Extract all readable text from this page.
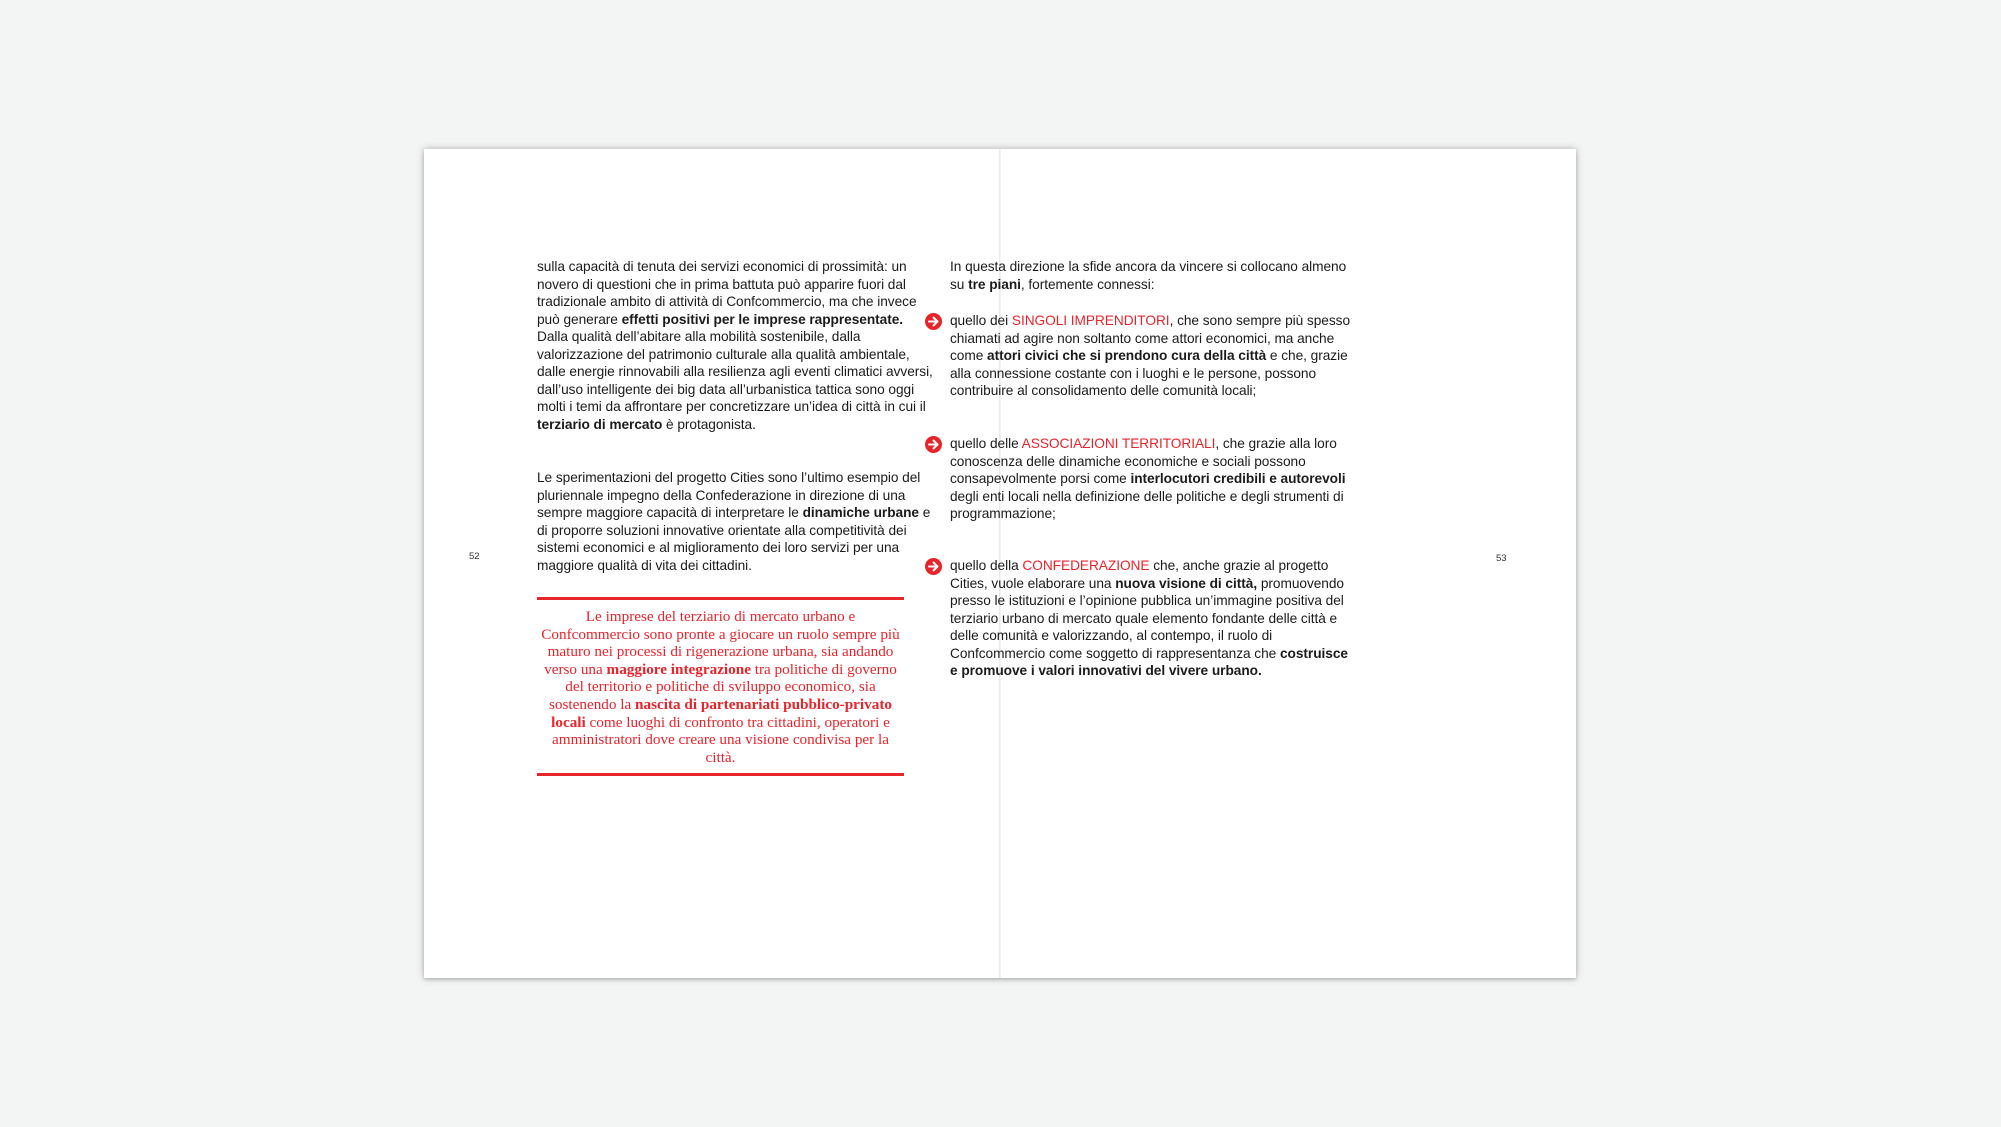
sulla capacità di tenuta dei servizi economici di prossimità: un novero di questioni che in prima battuta può apparire fuori dal tradizionale ambito di attività di Confcommercio, ma che invece può generare effetti positivi per le imprese rappresentate. Dalla qualità dell’abitare alla mobilità sostenibile, dalla valorizzazione del patrimonio culturale alla qualità ambientale, dalle energie rinnovabili alla resilienza agli eventi climatici avversi, dall’uso intelligente dei big data all’urbanistica tattica sono oggi molti i temi da affrontare per concretizzare un’idea di città in cui il terziario di mercato è protagonista.

Le sperimentazioni del progetto Cities sono l’ultimo esempio del pluriennale impegno della Confederazione in direzione di una sempre maggiore capacità di interpretare le dinamiche urbane e di proporre soluzioni innovative orientate alla competitività dei sistemi economici e al miglioramento dei loro servizi per una maggiore qualità di vita dei cittadini.

52
Le imprese del terziario di mercato urbano e Confcommercio sono pronte a giocare un ruolo sempre più maturo nei processi di rigenerazione urbana, sia andando verso una maggiore integrazione tra politiche di governo del territorio e politiche di sviluppo economico, sia sostenendo la nascita di partenariati pubblico-privato locali come luoghi di confronto tra cittadini, operatori e amministratori dove creare una visione condivisa per la città.

In questa direzione la sfide ancora da vincere si collocano almeno su tre piani, fortemente connessi:

quello dei SINGOLI IMPRENDITORI, che sono sempre più spesso chiamati ad agire non soltanto come attori economici, ma anche come attori civici che si prendono cura della città e che, grazie alla connessione costante con i luoghi e le persone, possono contribuire al consolidamento delle comunità locali;

quello delle ASSOCIAZIONI TERRITORIALI, che grazie alla loro conoscenza delle dinamiche economiche e sociali possono consapevolmente porsi come interlocutori credibili e autorevoli degli enti locali nella definizione delle politiche e degli strumenti di programmazione;

quello della CONFEDERAZIONE che, anche grazie al progetto Cities, vuole elaborare una nuova visione di città, promuovendo presso le istituzioni e l’opinione pubblica un’immagine positiva del terziario urbano di mercato quale elemento fondante delle città e delle comunità e valorizzando, al contempo, il ruolo di Confcommercio come soggetto di rappresentanza che costruisce e promuove i valori innovativi del vivere urbano.

53
